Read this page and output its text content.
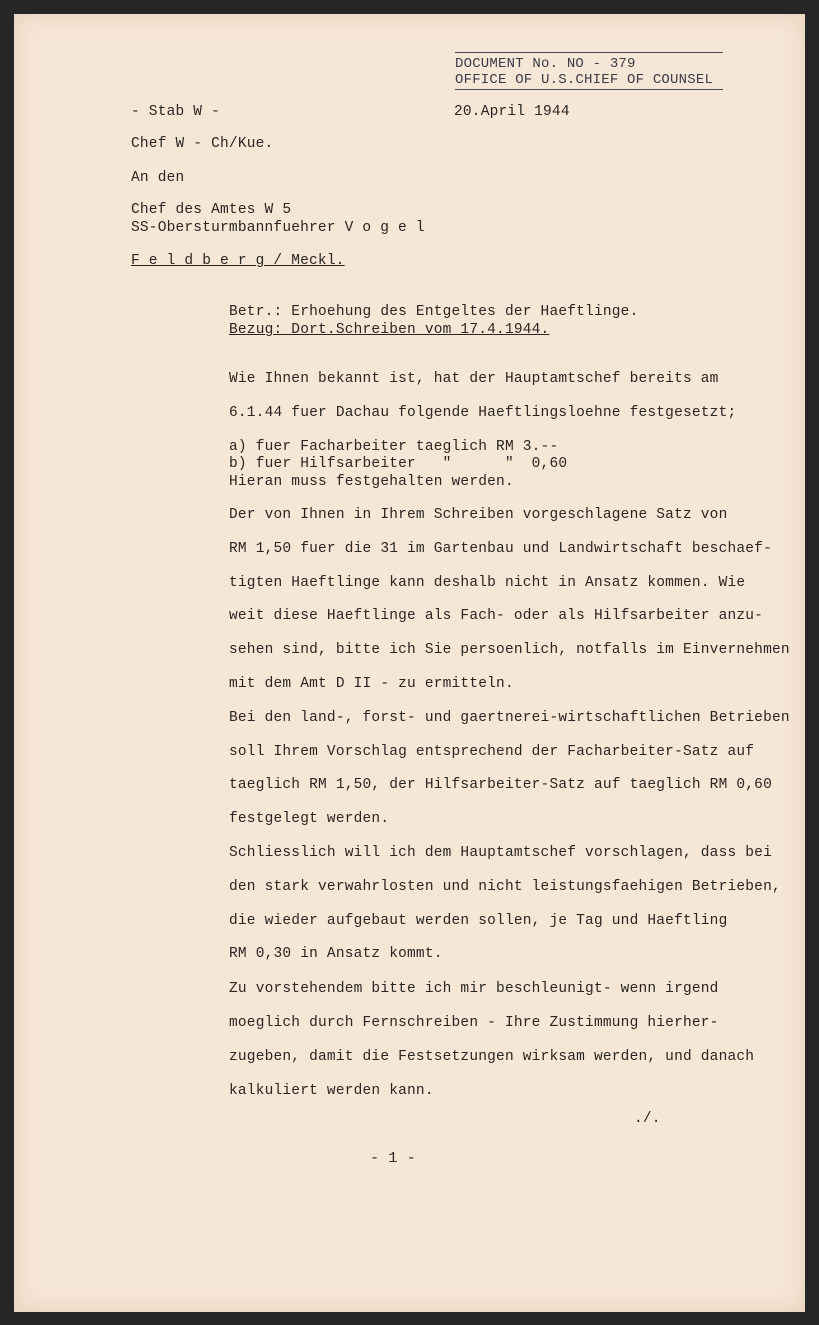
DOCUMENT No. NO - 379
OFFICE OF U.S.CHIEF OF COUNSEL
- Stab W -	20.April 1944
Chef W - Ch/Kue.
An den
Chef des Amtes W 5
SS-Obersturmbannfuehrer V o g e l
F e l d b e r g / Meckl.
Betr.: Erhoehung des Entgeltes der Haeftlinge.
Bezug: Dort.Schreiben vom 17.4.1944.
Wie Ihnen bekannt ist, hat der Hauptamtschef bereits am
6.1.44 fuer Dachau folgende Haeftlingsloehne festgesetzt;
a) fuer Facharbeiter taeglich RM 3.--
b) fuer Hilfsarbeiter   "      "  0,60
Hieran muss festgehalten werden.
Der von Ihnen in Ihrem Schreiben vorgeschlagene Satz von
RM 1,50 fuer die 31 im Gartenbau und Landwirtschaft beschaef-
tigten Haeftlinge kann deshalb nicht in Ansatz kommen. Wie
weit diese Haeftlinge als Fach- oder als Hilfsarbeiter anzu-
sehen sind, bitte ich Sie persoenlich, notfalls im Einvernehmen
mit dem Amt D II - zu ermitteln.
Bei den land-, forst- und gaertnerei-wirtschaftlichen Betrieben
soll Ihrem Vorschlag entsprechend der Facharbeiter-Satz auf
taeglich RM 1,50, der Hilfsarbeiter-Satz auf taeglich RM 0,60
festgelegt werden.
Schliesslich will ich dem Hauptamtschef vorschlagen, dass bei
den stark verwahrlosten und nicht leistungsfaehigen Betrieben,
die wieder aufgebaut werden sollen, je Tag und Haeftling
RM 0,30 in Ansatz kommt.
Zu vorstehendem bitte ich mir beschleunigt- wenn irgend
moeglich durch Fernschreiben - Ihre Zustimmung hierher-
zugeben, damit die Festsetzungen wirksam werden, und danach
kalkuliert werden kann.
./.
- 1 -
